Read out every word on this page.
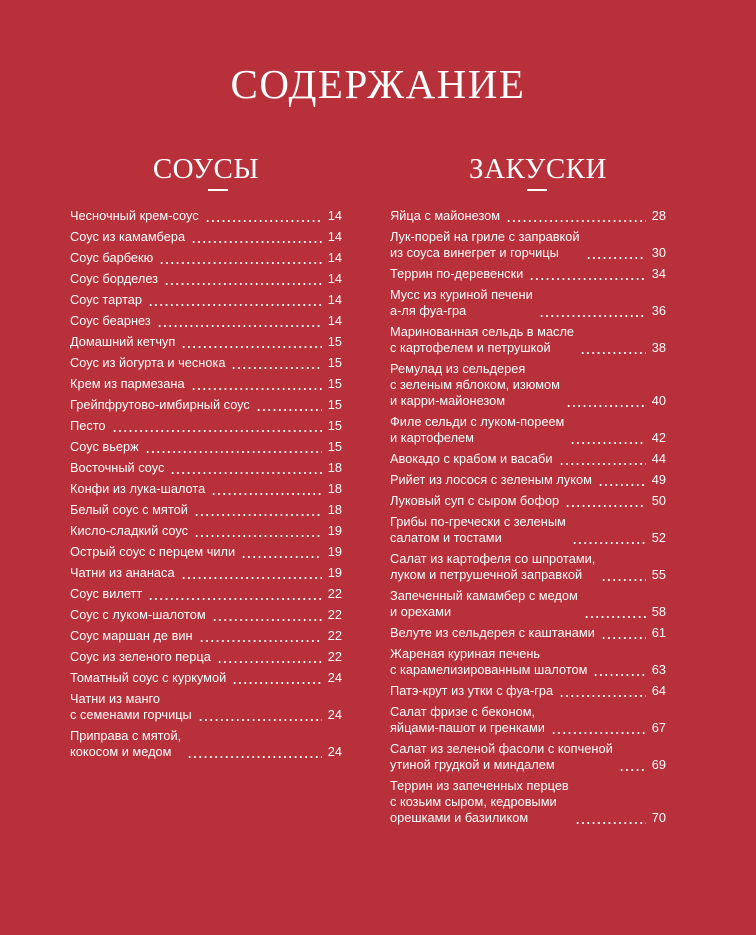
СОДЕРЖАНИЕ
СОУСЫ
Чесночный крем-соус	14
Соус из камамбера	14
Соус барбекю	14
Соус борделез	14
Соус тартар	14
Соус беарнез	14
Домашний кетчуп	15
Соус из йогурта и чеснока	15
Крем из пармезана	15
Грейпфрутово-имбирный соус	15
Песто	15
Соус вьерж	15
Восточный соус	18
Конфи из лука-шалота	18
Белый соус с мятой	18
Кисло-сладкий соус	19
Острый соус с перцем чили	19
Чатни из ананаса	19
Соус вилетт	22
Соус с луком-шалотом	22
Соус маршан де вин	22
Соус из зеленого перца	22
Томатный соус с куркумой	24
Чатни из манго
с семенами горчицы	24
Приправа с мятой,
кокосом и медом	24
ЗАКУСКИ
Яйца с майонезом	28
Лук-порей на гриле с заправкой
из соуса винегрет и горчицы	30
Террин по-деревенски	34
Мусс из куриной печени
а-ля фуа-гра	36
Маринованная сельдь в масле
с картофелем и петрушкой	38
Ремулад из сельдерея
с зеленым яблоком, изюмом
и карри-майонезом	40
Филе сельди с луком-пореем
и картофелем	42
Авокадо с крабом и васаби	44
Рийет из лосося с зеленым луком	49
Луковый суп с сыром бофор	50
Грибы по-гречески с зеленым
салатом и тостами	52
Салат из картофеля со шпротами,
луком и петрушечной заправкой	55
Запеченный камамбер с медом
и орехами	58
Велуте из сельдерея с каштанами	61
Жареная куриная печень
с карамелизированным шалотом	63
Патэ-крут из утки с фуа-гра	64
Салат фризе с беконом,
яйцами-пашот и гренками	67
Салат из зеленой фасоли с копченой
утиной грудкой и миндалем	69
Террин из запеченных перцев
с козьим сыром, кедровыми
орешками и базиликом	70
